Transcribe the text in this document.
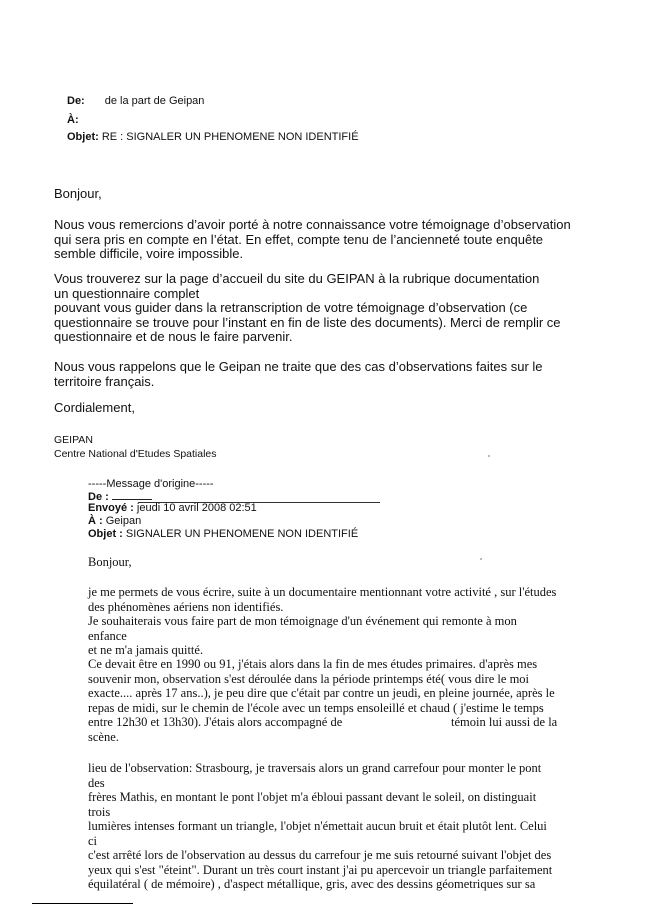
De: de la part de Geipan
À:
Objet: RE : SIGNALER UN PHENOMENE NON IDENTIFIÉ

Bonjour,

Nous vous remercions d’avoir porté à notre connaissance votre témoignage d’observation
qui sera pris en compte en l’état. En effet, compte tenu de l’ancienneté toute enquête
semble difficile, voire impossible.

Vous trouverez sur la page d’accueil du site du GEIPAN à la rubrique documentation
un questionnaire complet
pouvant vous guider dans la retranscription de votre témoignage d’observation (ce
questionnaire se trouve pour l’instant en fin de liste des documents). Merci de remplir ce
questionnaire et de nous le faire parvenir.

Nous vous rappelons que le Geipan ne traite que des cas d’observations faites sur le
territoire français.

Cordialement,

GEIPAN
Centre National d'Etudes Spatiales
-----Message d'origine-----
De :
Envoyé : jeudi 10 avril 2008 02:51
À : Geipan
Objet : SIGNALER UN PHENOMENE NON IDENTIFIÉ

Bonjour,

je me permets de vous écrire, suite à un documentaire mentionnant votre activité , sur l'études
des phénomènes aériens non identifiés.
Je souhaiterais vous faire part de mon témoignage d'un événement qui remonte à mon enfance
et ne m'a jamais quitté.

Ce devait être en 1990 ou 91, j'étais alors dans la fin de mes études primaires. d'après mes
souvenir mon, observation s'est déroulée dans la période printemps été( vous dire le moi
exacte.... après 17 ans..), je peu dire que c'était par contre un jeudi, en pleine journée, après le
repas de midi, sur le chemin de l'école avec un temps ensoleillé et chaud ( j'estime le temps
entre 12h30 et 13h30). J'étais alors accompagné de	témoin lui aussi de la

scène.

lieu de l'observation: Strasbourg, je traversais alors un grand carrefour pour monter le pont des
frères Mathis, en montant le pont l'objet m'a ébloui passant devant le soleil, on distinguait trois
lumières intenses formant un triangle, l'objet n'émettait aucun bruit et était plutôt lent. Celui ci
c'est arrêté lors de l'observation au dessus du carrefour je me suis retourné suivant l'objet des
yeux qui s'est "éteint". Durant un très court instant j'ai pu apercevoir un triangle parfaitement
équilatéral ( de mémoire) , d'aspect métallique, gris, avec des dessins géometriques sur sa
